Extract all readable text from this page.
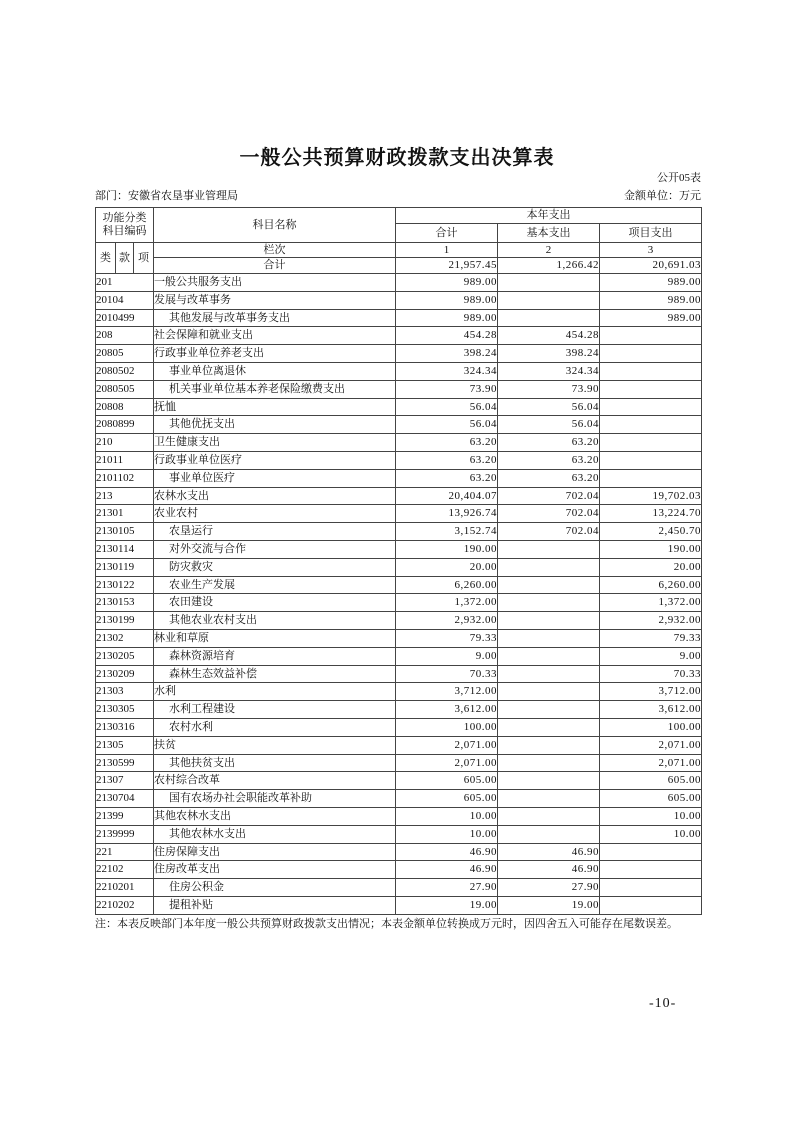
一般公共预算财政拨款支出决算表
公开05表
部门：安徽省农垦事业管理局	金额单位：万元
功能分类
科目编码			科目名称	本年支出		
				合计	基本支出	项目支出
类	款	项	栏次	1	2	3
			合计	21,957.45	1,266.42	20,691.03
201			一般公共服务支出	989.00		989.00
20104			发展与改革事务	989.00		989.00
2010499			其他发展与改革事务支出	989.00		989.00
208			社会保障和就业支出	454.28	454.28	
20805			行政事业单位养老支出	398.24	398.24	
2080502			事业单位离退休	324.34	324.34	
2080505			机关事业单位基本养老保险缴费支出	73.90	73.90	
20808			抚恤	56.04	56.04	
2080899			其他优抚支出	56.04	56.04	
210			卫生健康支出	63.20	63.20	
21011			行政事业单位医疗	63.20	63.20	
2101102			事业单位医疗	63.20	63.20	
213			农林水支出	20,404.07	702.04	19,702.03
21301			农业农村	13,926.74	702.04	13,224.70
2130105			农垦运行	3,152.74	702.04	2,450.70
2130114			对外交流与合作	190.00		190.00
2130119			防灾救灾	20.00		20.00
2130122			农业生产发展	6,260.00		6,260.00
2130153			农田建设	1,372.00		1,372.00
2130199			其他农业农村支出	2,932.00		2,932.00
21302			林业和草原	79.33		79.33
2130205			森林资源培育	9.00		9.00
2130209			森林生态效益补偿	70.33		70.33
21303			水利	3,712.00		3,712.00
2130305			水利工程建设	3,612.00		3,612.00
2130316			农村水利	100.00		100.00
21305			扶贫	2,071.00		2,071.00
2130599			其他扶贫支出	2,071.00		2,071.00
21307			农村综合改革	605.00		605.00
2130704			国有农场办社会职能改革补助	605.00		605.00
21399			其他农林水支出	10.00		10.00
2139999			其他农林水支出	10.00		10.00
221			住房保障支出	46.90	46.90	
22102			住房改革支出	46.90	46.90	
2210201			住房公积金	27.90	27.90	
2210202			提租补贴	19.00	19.00	
注：本表反映部门本年度一般公共预算财政拨款支出情况；本表金额单位转换成万元时，因四舍五入可能存在尾数误差。
-10-
